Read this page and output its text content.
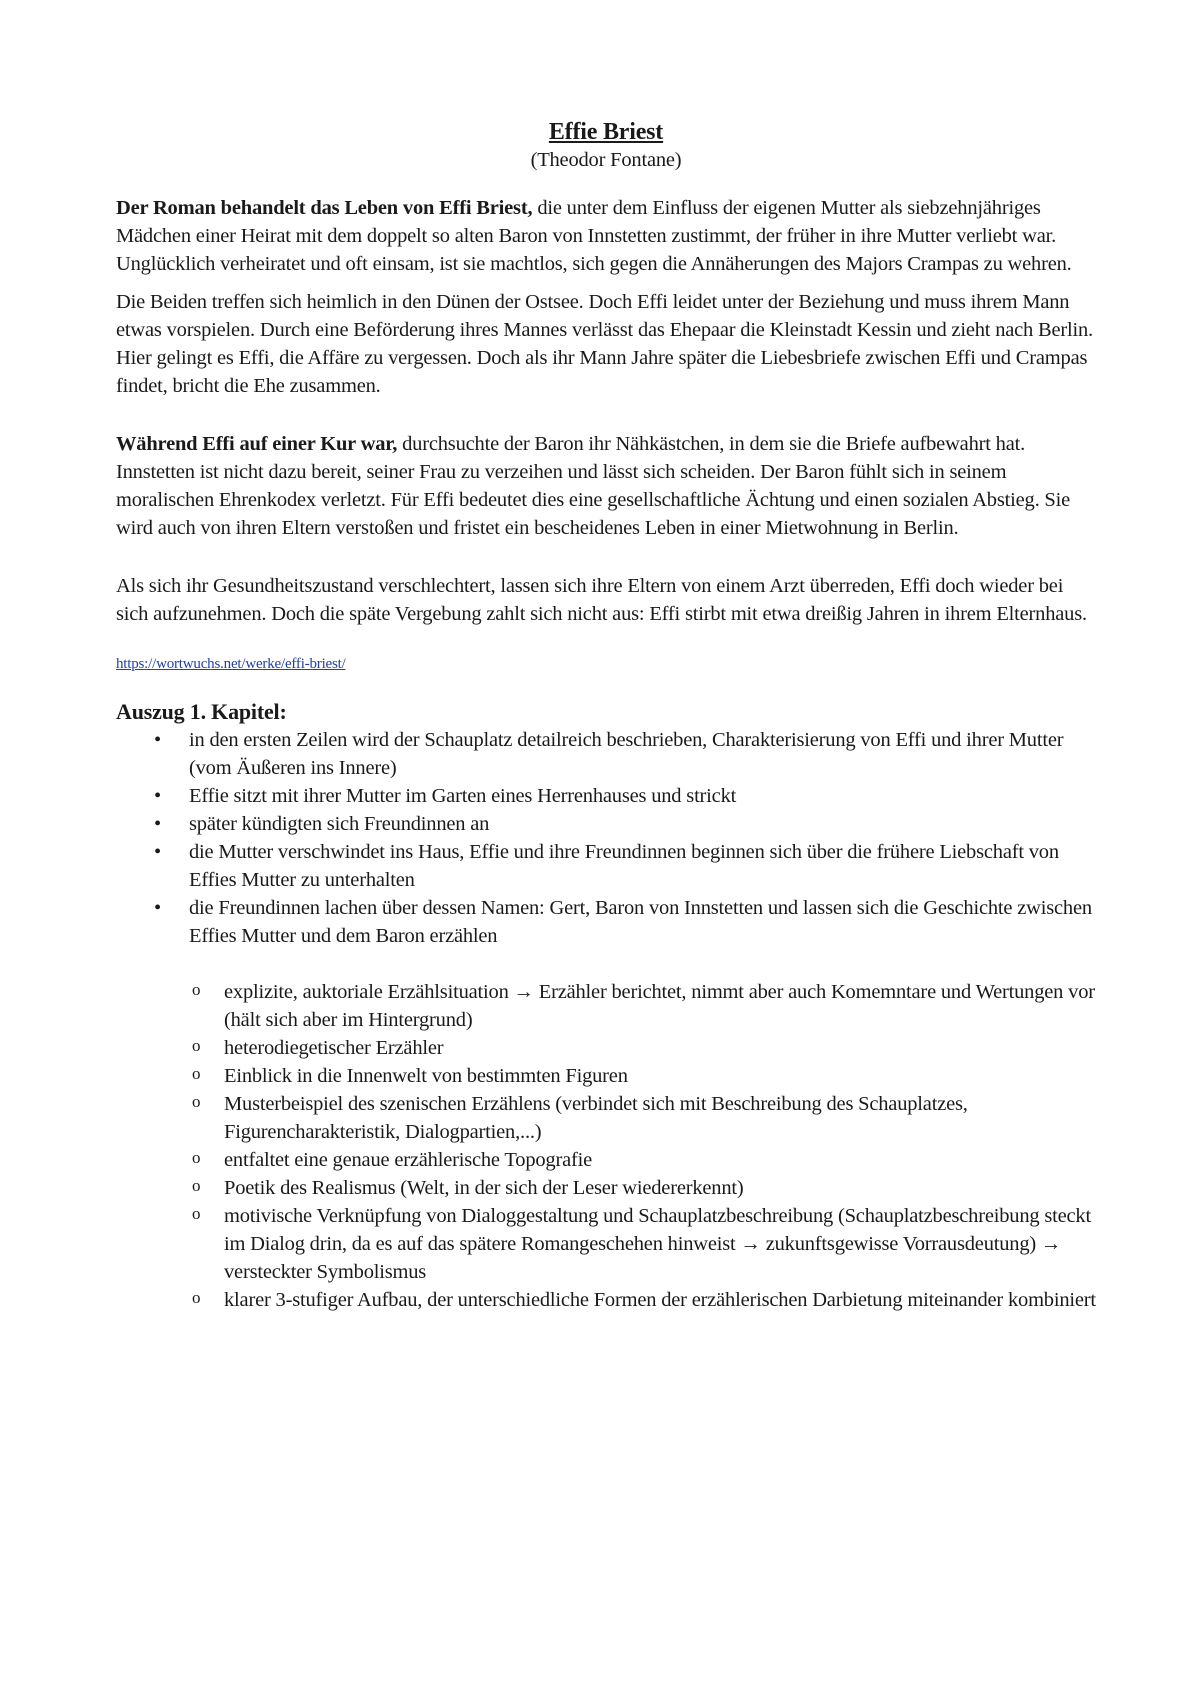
Effie Briest

(Theodor Fontane)

Der Roman behandelt das Leben von Effi Briest, die unter dem Einfluss der eigenen Mutter als siebzehnjähriges Mädchen einer Heirat mit dem doppelt so alten Baron von Innstetten zustimmt, der früher in ihre Mutter verliebt war. Unglücklich verheiratet und oft einsam, ist sie machtlos, sich gegen die Annäherungen des Majors Crampas zu wehren.

Die Beiden treffen sich heimlich in den Dünen der Ostsee. Doch Effi leidet unter der Beziehung und muss ihrem Mann etwas vorspielen. Durch eine Beförderung ihres Mannes verlässt das Ehepaar die Kleinstadt Kessin und zieht nach Berlin. Hier gelingt es Effi, die Affäre zu vergessen. Doch als ihr Mann Jahre später die Liebesbriefe zwischen Effi und Crampas findet, bricht die Ehe zusammen.

Während Effi auf einer Kur war, durchsuchte der Baron ihr Nähkästchen, in dem sie die Briefe aufbewahrt hat. Innstetten ist nicht dazu bereit, seiner Frau zu verzeihen und lässt sich scheiden. Der Baron fühlt sich in seinem moralischen Ehrenkodex verletzt. Für Effi bedeutet dies eine gesellschaftliche Ächtung und einen sozialen Abstieg. Sie wird auch von ihren Eltern verstoßen und fristet ein bescheidenes Leben in einer Mietwohnung in Berlin.

Als sich ihr Gesundheitszustand verschlechtert, lassen sich ihre Eltern von einem Arzt überreden, Effi doch wieder bei sich aufzunehmen. Doch die späte Vergebung zahlt sich nicht aus: Effi stirbt mit etwa dreißig Jahren in ihrem Elternhaus.

https://wortwuchs.net/werke/effi-briest/
Auszug 1. Kapitel:
• in den ersten Zeilen wird der Schauplatz detailreich beschrieben, Charakterisierung von Effi und ihrer Mutter (vom Äußeren ins Innere)
• Effie sitzt mit ihrer Mutter im Garten eines Herrenhauses und strickt
• später kündigten sich Freundinnen an
• die Mutter verschwindet ins Haus, Effie und ihre Freundinnen beginnen sich über die frühere Liebschaft von Effies Mutter zu unterhalten
• die Freundinnen lachen über dessen Namen: Gert, Baron von Innstetten und lassen sich die Geschichte zwischen Effies Mutter und dem Baron erzählen
o explizite, auktoriale Erzählsituation → Erzähler berichtet, nimmt aber auch Komemntare und Wertungen vor (hält sich aber im Hintergrund)
o heterodiegetischer Erzähler
o Einblick in die Innenwelt von bestimmten Figuren
o Musterbeispiel des szenischen Erzählens (verbindet sich mit Beschreibung des Schauplatzes, Figurencharakteristik, Dialogpartien,...)
o entfaltet eine genaue erzählerische Topografie
o Poetik des Realismus (Welt, in der sich der Leser wiedererkennt)
o motivische Verknüpfung von Dialoggestaltung und Schauplatzbeschreibung (Schauplatzbeschreibung steckt im Dialog drin, da es auf das spätere Romangeschehen hinweist → zukunftsgewisse Vorrausdeutung) → versteckter Symbolismus
o klarer 3-stufiger Aufbau, der unterschiedliche Formen der erzählerischen Darbietung miteinander kombiniert
